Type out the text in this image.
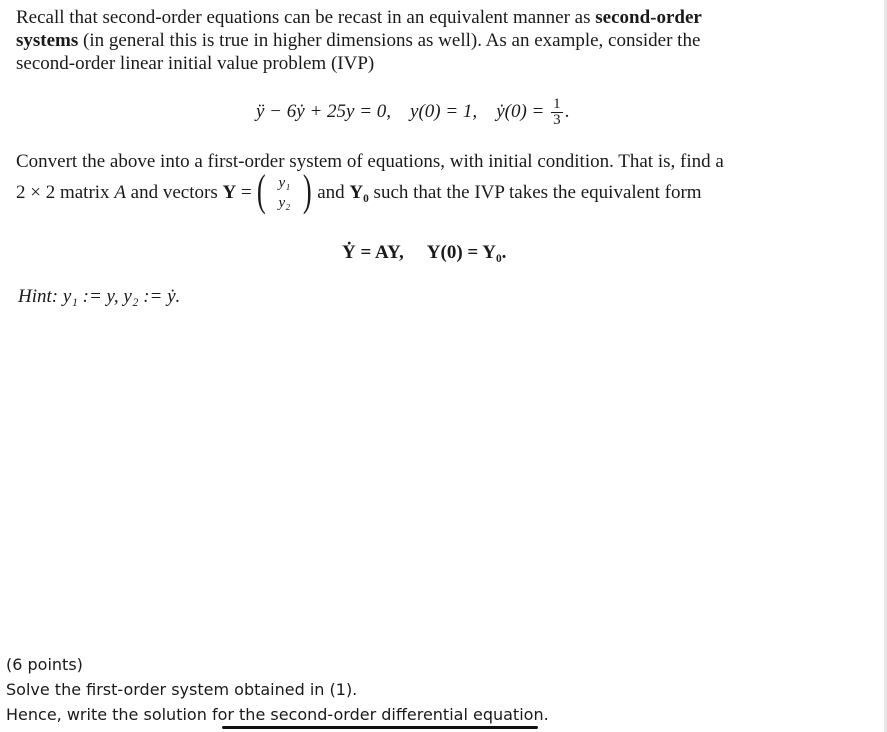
Recall that second-order equations can be recast in an equivalent manner as second-order
systems (in general this is true in higher dimensions as well). As an example, consider the
second-order linear initial value problem (IVP)
ÿ − 6ẏ + 25y = 0, y(0) = 1, ẏ(0) = $\frac{1}{3}$ .
Convert the above into a first-order system of equations, with initial condition. That is, find a
2 × 2 matrix A and vectors Y = ( y₁
y₂ ) and Y₀ such that the IVP takes the equivalent form
Ẏ = AY, Y(0) = Y₀.
Hint: y₁ := y, y₂ := ẏ.
(6 points)
Solve the first-order system obtained in (1).
Hence, write the solution for the second-order differential equation.
